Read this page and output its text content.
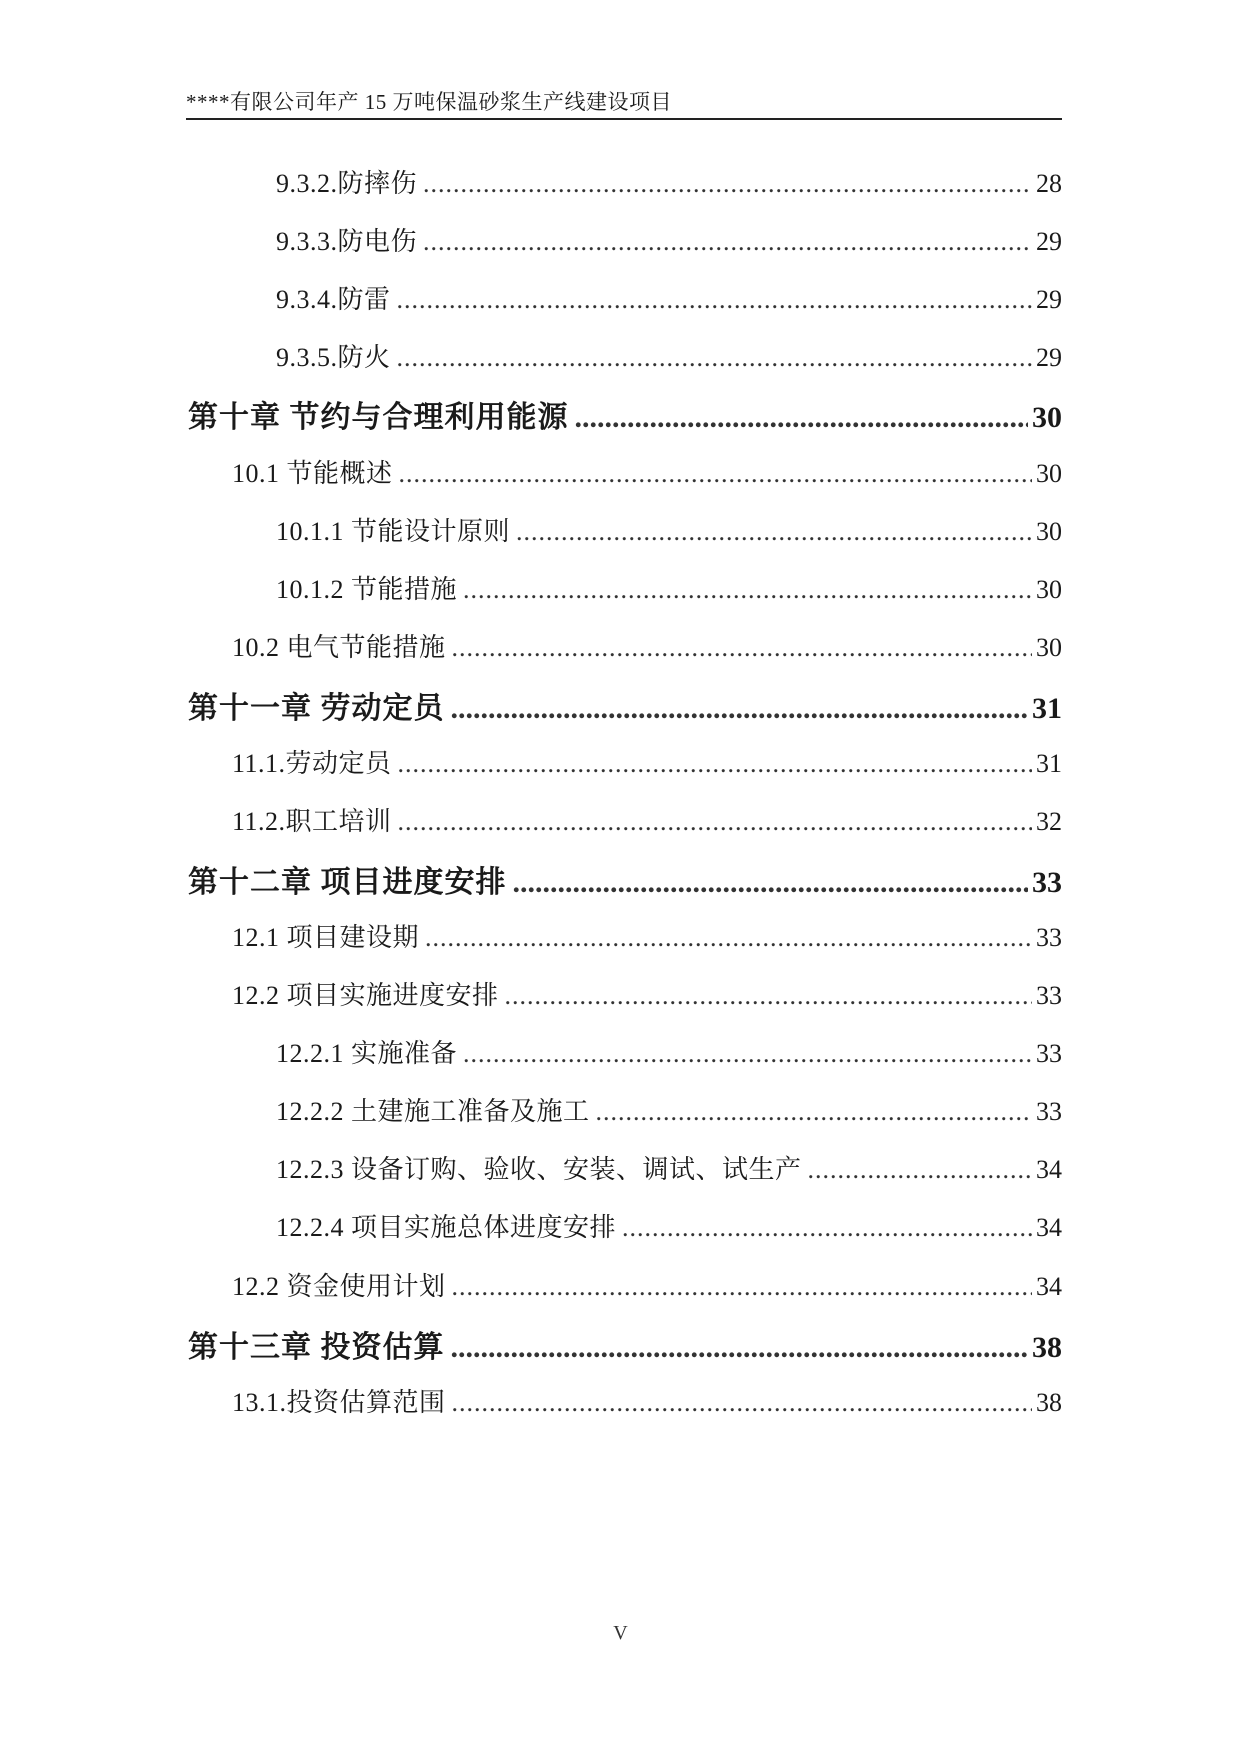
****有限公司年产 15 万吨保温砂浆生产线建设项目
9.3.2.防摔伤 .....	28
9.3.3.防电伤 .....	29
9.3.4.防雷 .....	29
9.3.5.防火 .....	29
第十章 节约与合理利用能源 .....	30
10.1 节能概述 .....	30
10.1.1 节能设计原则 .....	30
10.1.2 节能措施 .....	30
10.2 电气节能措施 .....	30
第十一章 劳动定员 .....	31
11.1.劳动定员 .....	31
11.2.职工培训 .....	32
第十二章 项目进度安排 .....	33
12.1 项目建设期 .....	33
12.2 项目实施进度安排 .....	33
12.2.1 实施准备 .....	33
12.2.2 土建施工准备及施工 .....	33
12.2.3 设备订购、验收、安装、调试、试生产 .....	34
12.2.4 项目实施总体进度安排 .....	34
12.2 资金使用计划 .....	34
第十三章 投资估算 .....	38
13.1.投资估算范围 .....	38
V
